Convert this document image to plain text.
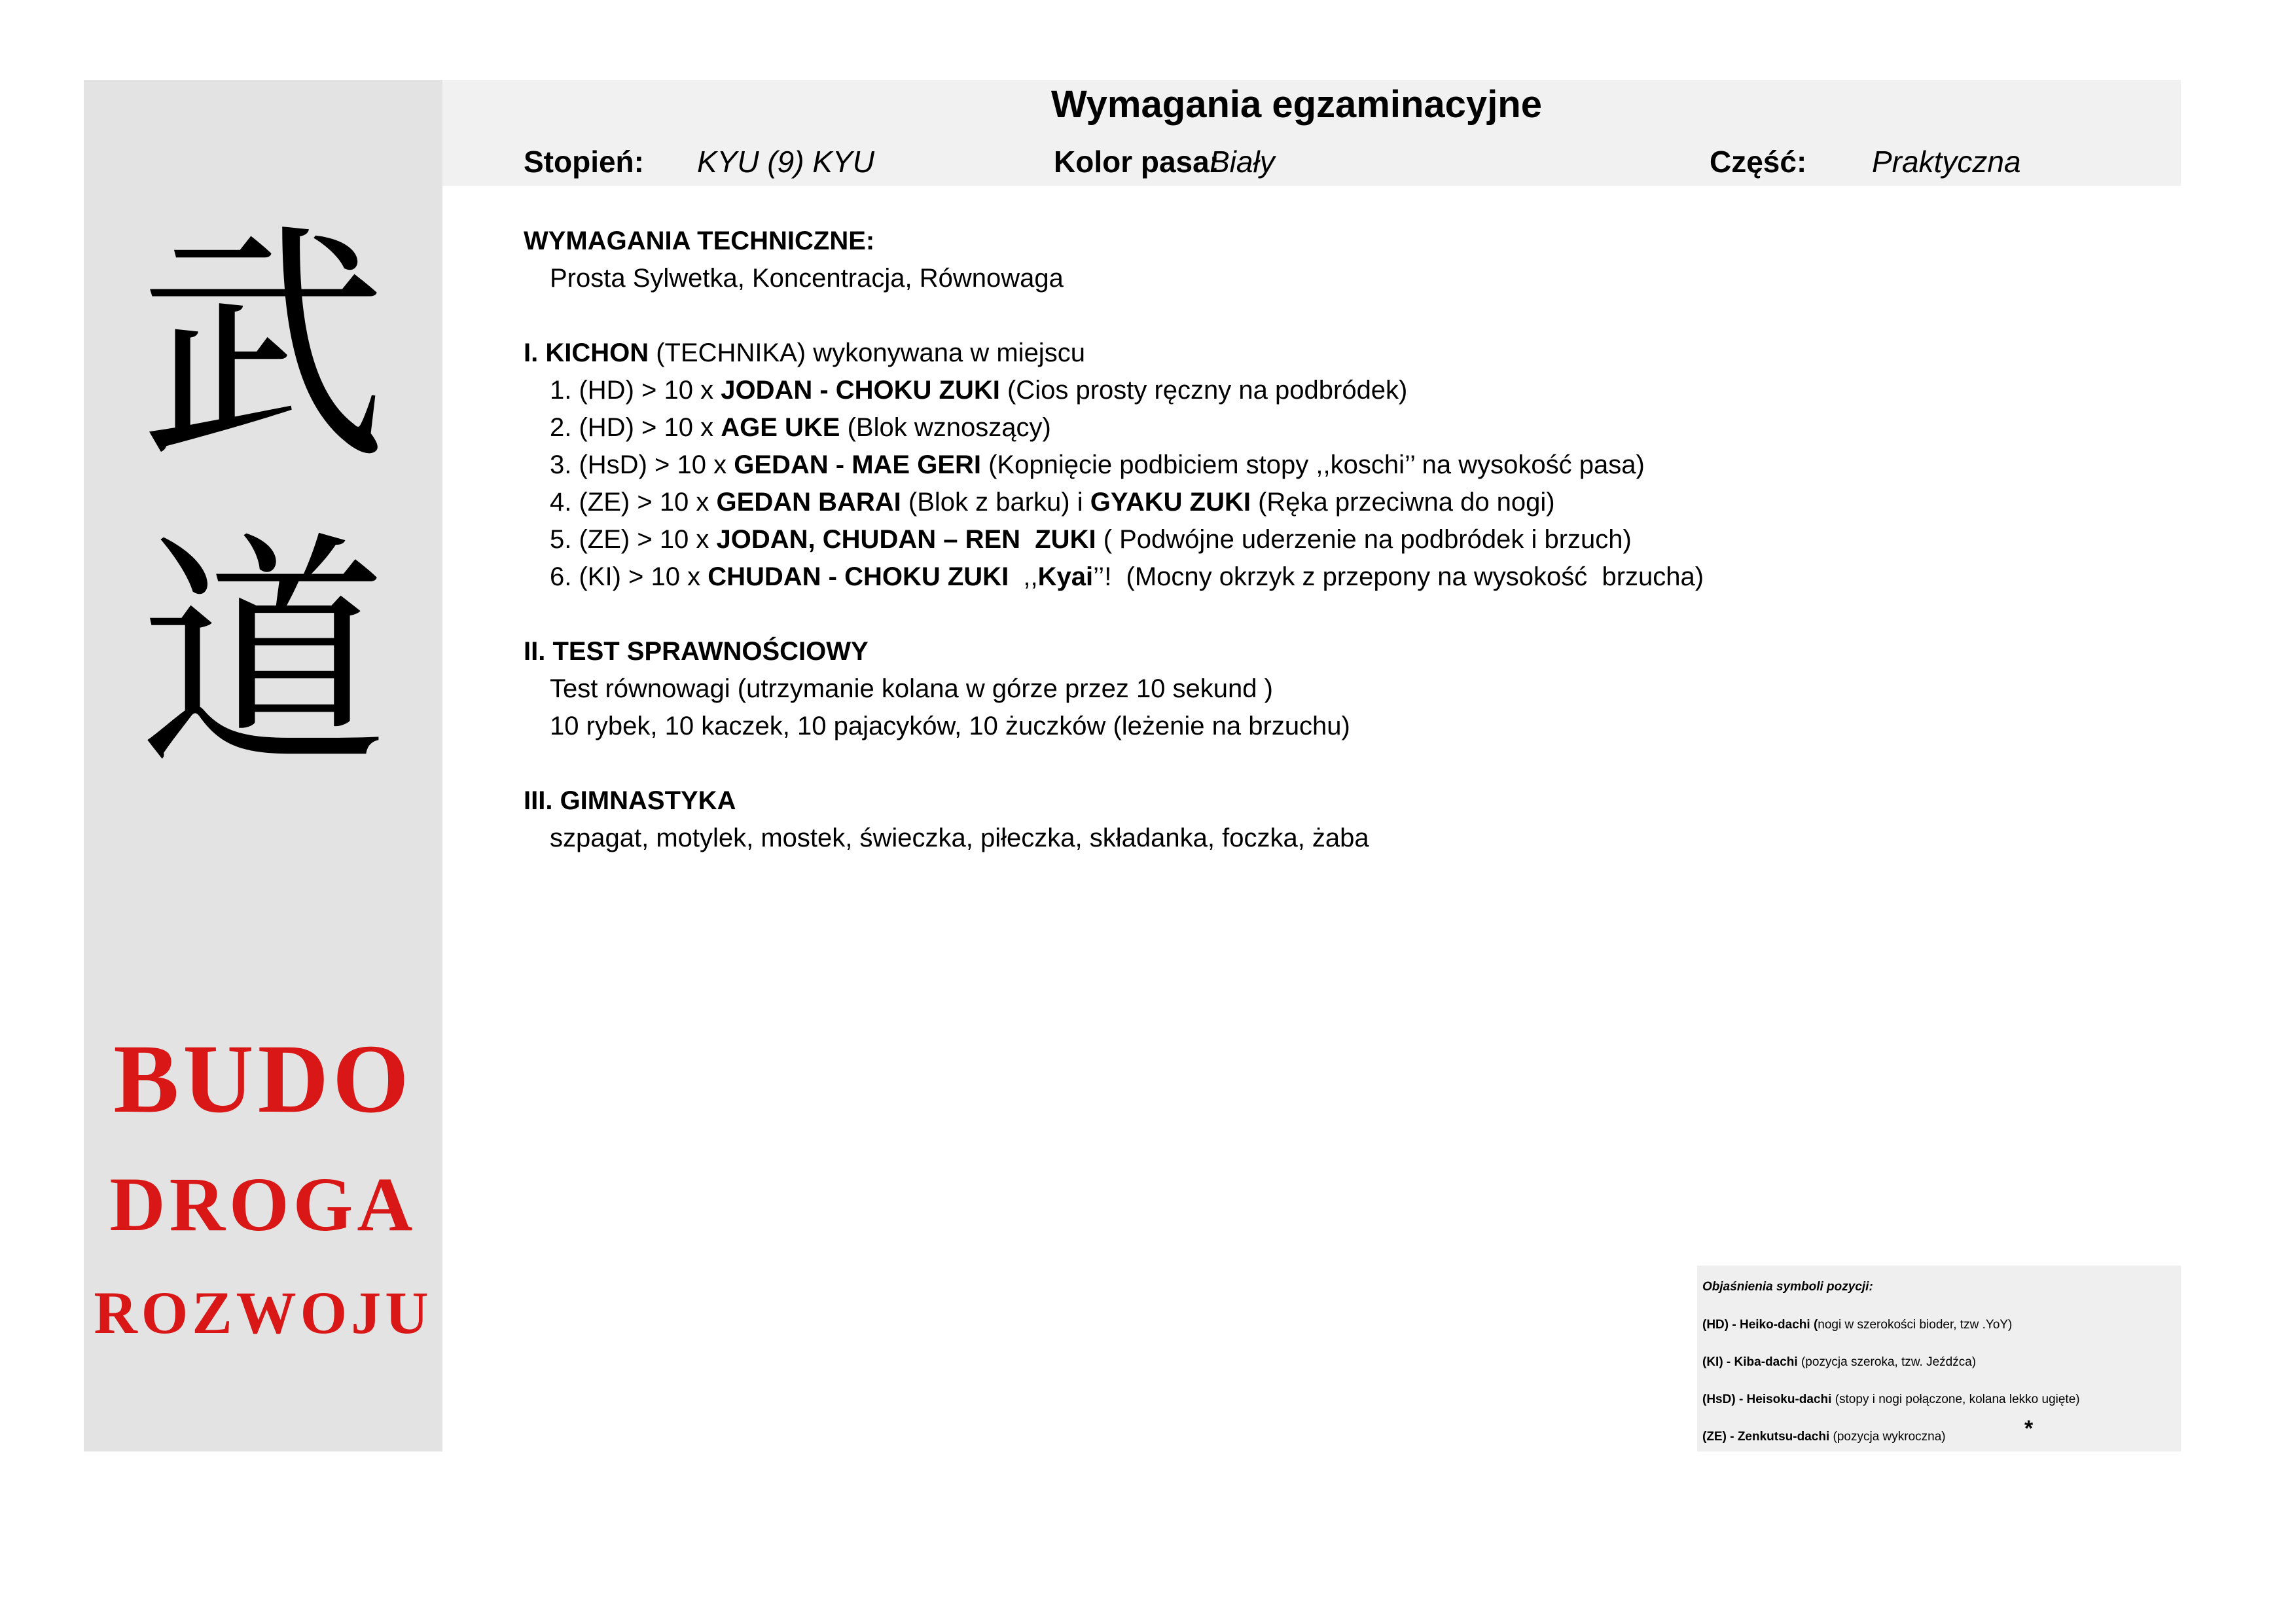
武
道
BUDO
DROGA
ROZWOJU
Wymagania egzaminacyjne
Stopień: KYU (9) KYU	Kolor pasa:
Biały	Część: Praktyczna
WYMAGANIA TECHNICZNE:
Prosta Sylwetka, Koncentracja, Równowaga
I. KICHON (TECHNIKA) wykonywana w miejscu
1. (HD) > 10 x JODAN - CHOKU ZUKI (Cios prosty ręczny na podbródek)
2. (HD) > 10 x AGE UKE (Blok wznoszący)
3. (HsD) > 10 x GEDAN - MAE GERI (Kopnięcie podbiciem stopy ,,koschi’’ na wysokość pasa)
4. (ZE) > 10 x GEDAN BARAI (Blok z barku) i GYAKU ZUKI (Ręka przeciwna do nogi)
5. (ZE) > 10 x JODAN, CHUDAN – REN  ZUKI ( Podwójne uderzenie na podbródek i brzuch)
6. (KI) > 10 x CHUDAN - CHOKU ZUKI  ,,Kyai’’!  (Mocny okrzyk z przepony na wysokość  brzucha)
II. TEST SPRAWNOŚCIOWY
Test równowagi (utrzymanie kolana w górze przez 10 sekund )
10 rybek, 10 kaczek, 10 pajacyków, 10 żuczków (leżenie na brzuchu)
III. GIMNASTYKA
szpagat, motylek, mostek, świeczka, piłeczka, składanka, foczka, żaba
Objaśnienia symboli pozycji:
(HD) - Heiko-dachi (nogi w szerokości bioder, tzw .YoY)
(KI) - Kiba-dachi (pozycja szeroka, tzw. Jeźdźca)
(HsD) - Heisoku-dachi (stopy i nogi połączone, kolana lekko ugięte)
(ZE) - Zenkutsu-dachi (pozycja wykroczna)	*
